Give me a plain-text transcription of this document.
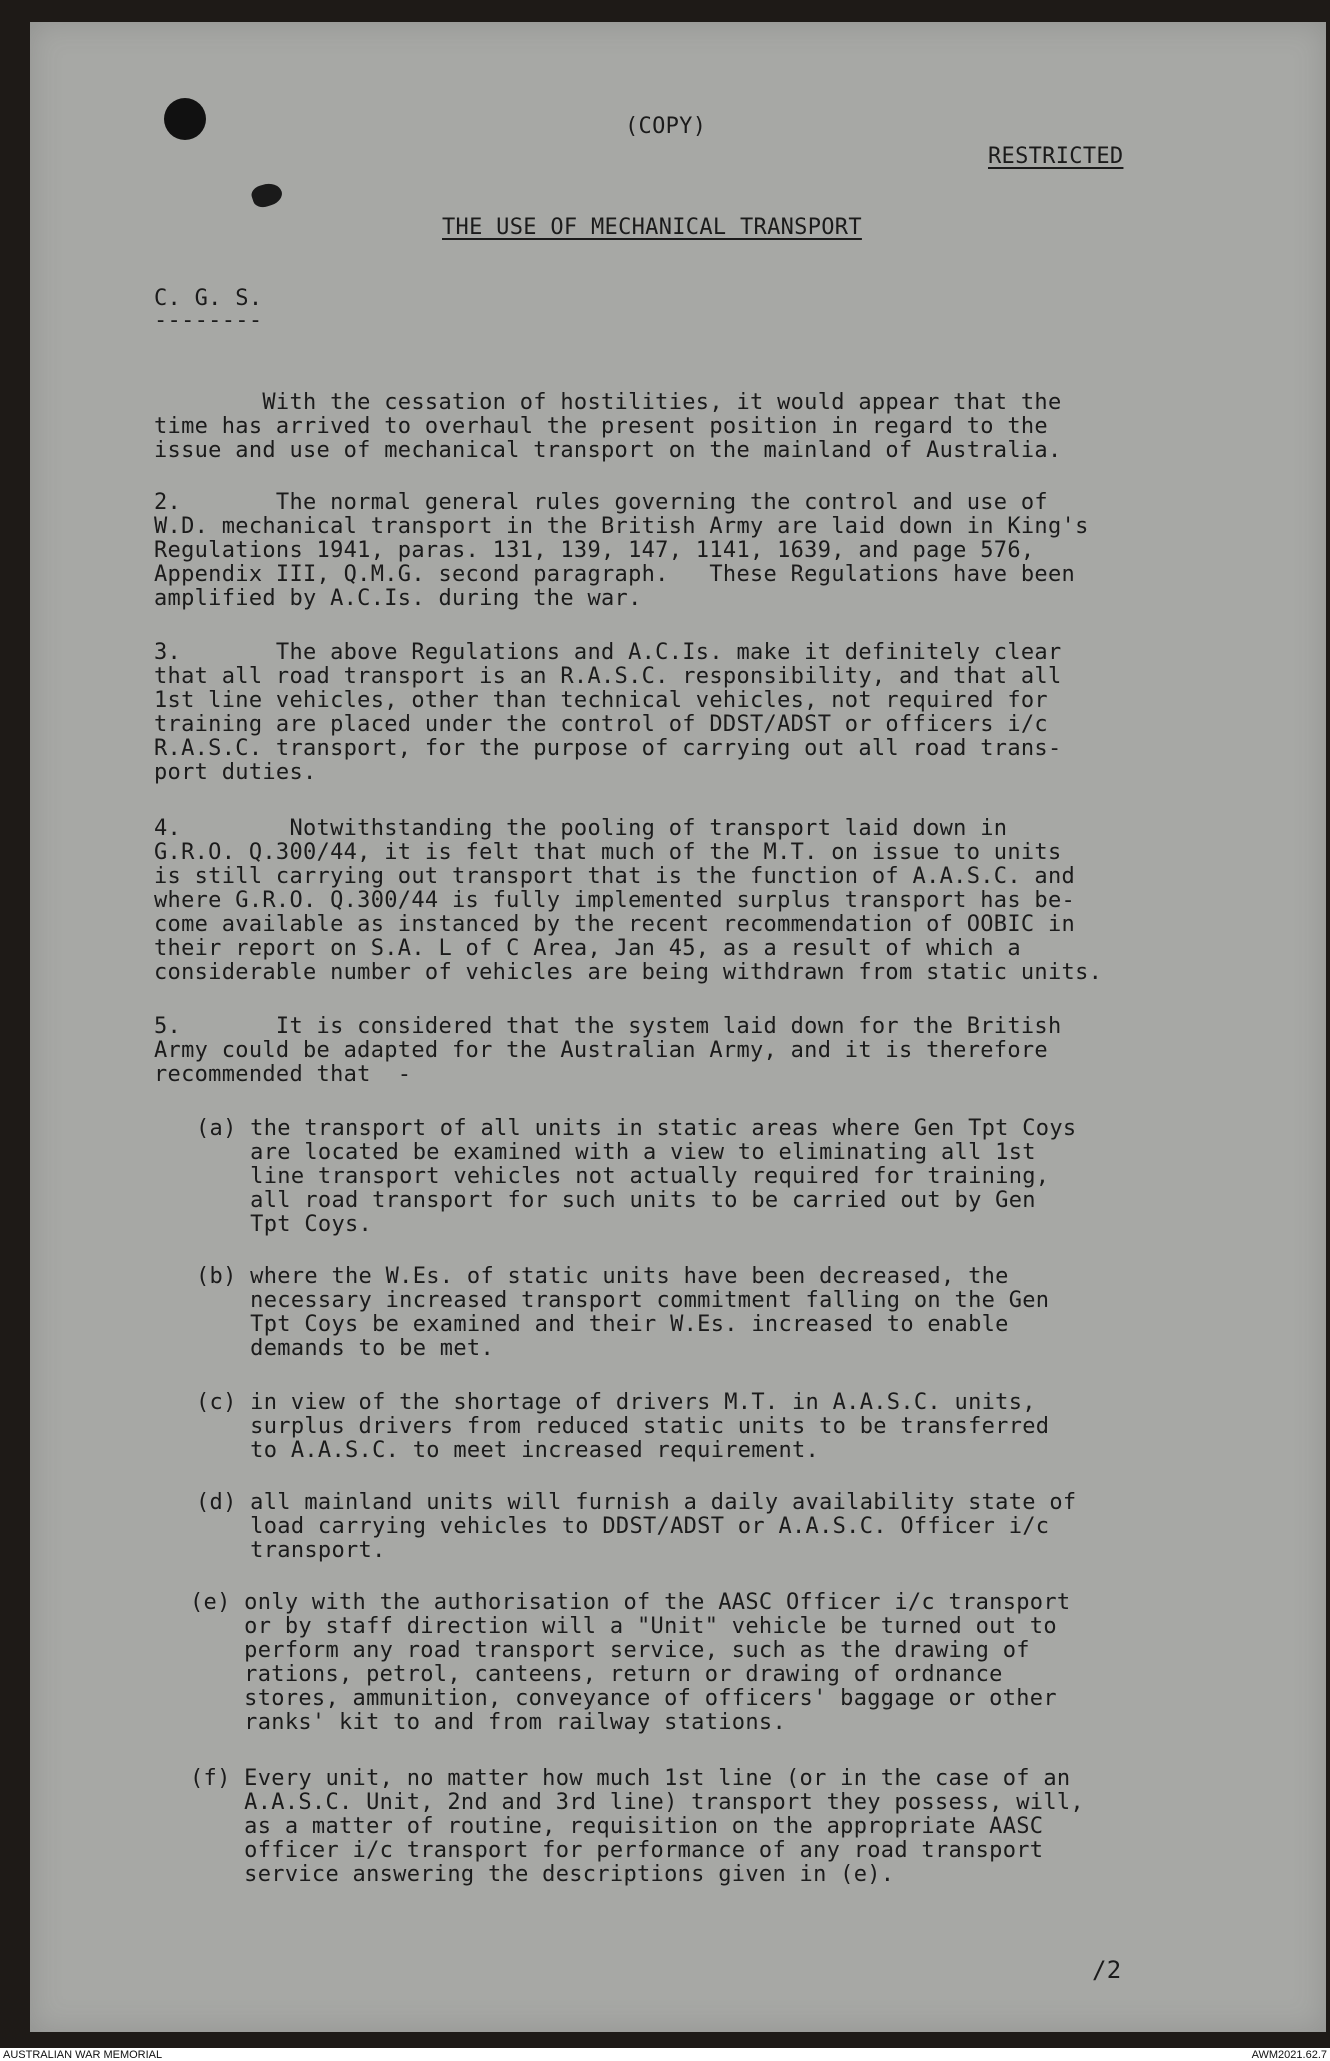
(COPY)
RESTRICTED
THE USE OF MECHANICAL TRANSPORT
C. G. S.
--------
With the cessation of hostilities, it would appear that the
time has arrived to overhaul the present position in regard to the
issue and use of mechanical transport on the mainland of Australia.
2.       The normal general rules governing the control and use of
W.D. mechanical transport in the British Army are laid down in King's
Regulations 1941, paras. 131, 139, 147, 1141, 1639, and page 576,
Appendix III, Q.M.G. second paragraph.   These Regulations have been
amplified by A.C.Is. during the war.
3.       The above Regulations and A.C.Is. make it definitely clear
that all road transport is an R.A.S.C. responsibility, and that all
1st line vehicles, other than technical vehicles, not required for
training are placed under the control of DDST/ADST or officers i/c
R.A.S.C. transport, for the purpose of carrying out all road trans-
port duties.
4.        Notwithstanding the pooling of transport laid down in
G.R.O. Q.300/44, it is felt that much of the M.T. on issue to units
is still carrying out transport that is the function of A.A.S.C. and
where G.R.O. Q.300/44 is fully implemented surplus transport has be-
come available as instanced by the recent recommendation of OOBIC in
their report on S.A. L of C Area, Jan 45, as a result of which a
considerable number of vehicles are being withdrawn from static units.
5.       It is considered that the system laid down for the British
Army could be adapted for the Australian Army, and it is therefore
recommended that  -
(a) the transport of all units in static areas where Gen Tpt Coys
are located be examined with a view to eliminating all 1st
line transport vehicles not actually required for training,
all road transport for such units to be carried out by Gen
Tpt Coys.
(b) where the W.Es. of static units have been decreased, the
necessary increased transport commitment falling on the Gen
Tpt Coys be examined and their W.Es. increased to enable
demands to be met.
(c) in view of the shortage of drivers M.T. in A.A.S.C. units,
surplus drivers from reduced static units to be transferred
to A.A.S.C. to meet increased requirement.
(d) all mainland units will furnish a daily availability state of
load carrying vehicles to DDST/ADST or A.A.S.C. Officer i/c
transport.
(e) only with the authorisation of the AASC Officer i/c transport
or by staff direction will a "Unit" vehicle be turned out to
perform any road transport service, such as the drawing of
rations, petrol, canteens, return or drawing of ordnance
stores, ammunition, conveyance of officers' baggage or other
ranks' kit to and from railway stations.
(f) Every unit, no matter how much 1st line (or in the case of an
A.A.S.C. Unit, 2nd and 3rd line) transport they possess, will,
as a matter of routine, requisition on the appropriate AASC
officer i/c transport for performance of any road transport
service answering the descriptions given in (e).
/2
AUSTRALIAN WAR MEMORIAL	AWM2021.62.7
